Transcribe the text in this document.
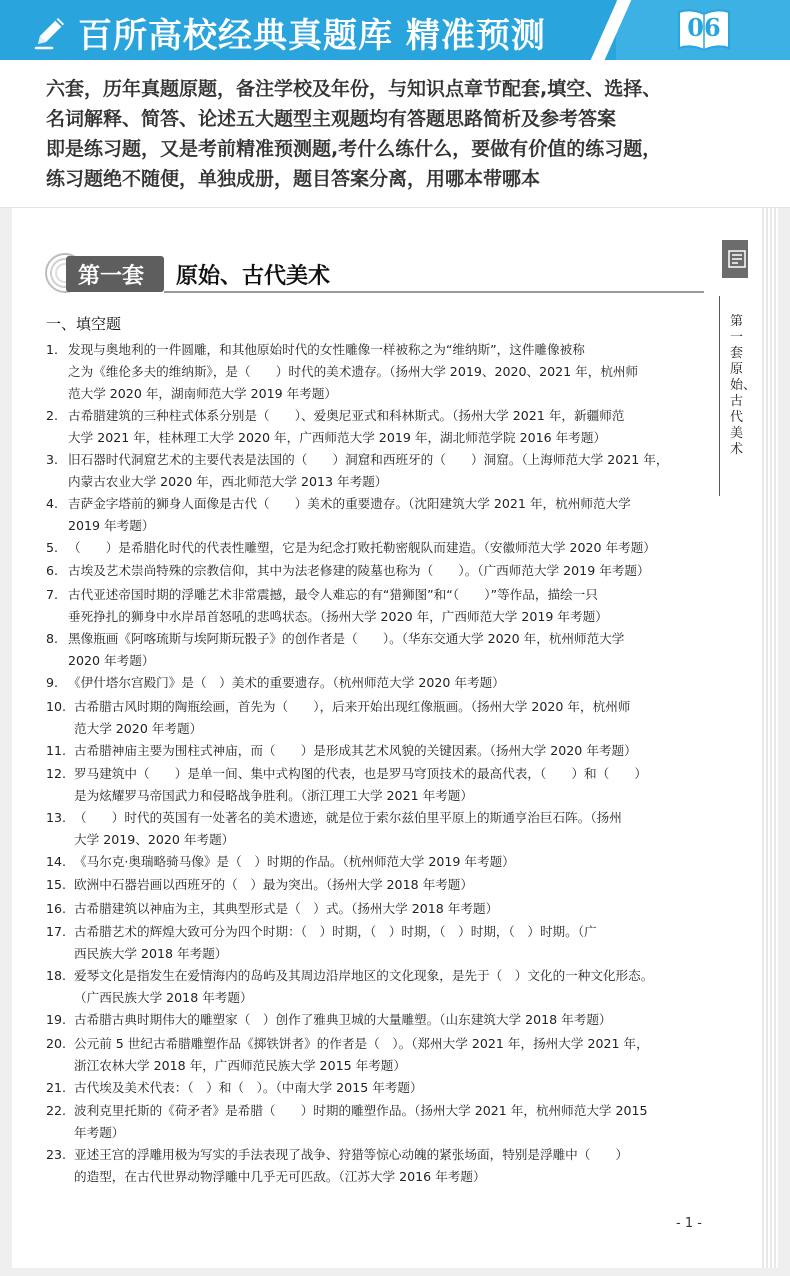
百所高校经典真题库 精准预测	06

六套，历年真题原题，备注学校及年份，与知识点章节配套,填空、选择、

名词解释、简答、论述五大题型主观题均有答题思路简析及参考答案

即是练习题，又是考前精准预测题,考什么练什么，要做有价值的练习题，

练习题绝不随便，单独成册，题目答案分离，用哪本带哪本

第一套 原始、古代美术
第一套 原始、古代美术
一、填空题
1. 发现与奥地利的一件圆雕，和其他原始时代的女性雕像一样被称之为“维纳斯”，这件雕像被称
之为《维伦多夫的维纳斯》，是（　　）时代的美术遗存。（扬州大学 2019、2020、2021 年，杭州师
范大学 2020 年，湖南师范大学 2019 年考题）
2. 古希腊建筑的三种柱式体系分别是（　　）、爱奥尼亚式和科林斯式。（扬州大学 2021 年，新疆师范
大学 2021 年，桂林理工大学 2020 年，广西师范大学 2019 年，湖北师范学院 2016 年考题）
3. 旧石器时代洞窟艺术的主要代表是法国的（　　）洞窟和西班牙的（　　）洞窟。（上海师范大学 2021 年，
内蒙古农业大学 2020 年，西北师范大学 2013 年考题）
4. 吉萨金字塔前的狮身人面像是古代（　　）美术的重要遗存。（沈阳建筑大学 2021 年，杭州师范大学
2019 年考题）
5. （　　）是希腊化时代的代表性雕塑，它是为纪念打败托勒密舰队而建造。（安徽师范大学 2020 年考题）
6. 古埃及艺术崇尚特殊的宗教信仰，其中为法老修建的陵墓也称为（　　）。（广西师范大学 2019 年考题）
7. 古代亚述帝国时期的浮雕艺术非常震撼，最令人难忘的有“猎狮图”和“（　　）”等作品，描绘一只
垂死挣扎的狮身中水岸昂首怒吼的悲鸣状态。（扬州大学 2020 年，广西师范大学 2019 年考题）
8. 黑像瓶画《阿喀琉斯与埃阿斯玩骰子》的创作者是（　　）。（华东交通大学 2020 年，杭州师范大学
2020 年考题）
9. 《伊什塔尔宫殿门》是（　）美术的重要遗存。（杭州师范大学 2020 年考题）
10. 古希腊古风时期的陶瓶绘画，首先为（　　），后来开始出现红像瓶画。（扬州大学 2020 年，杭州师
范大学 2020 年考题）
11. 古希腊神庙主要为围柱式神庙，而（　　）是形成其艺术风貌的关键因素。（扬州大学 2020 年考题）
12. 罗马建筑中（　　）是单一间、集中式构图的代表，也是罗马穹顶技术的最高代表，（　　）和（　　）
是为炫耀罗马帝国武力和侵略战争胜利。（浙江理工大学 2021 年考题）
13. （　　）时代的英国有一处著名的美术遗迹，就是位于索尔兹伯里平原上的斯通亨治巨石阵。（扬州
大学 2019、2020 年考题）
14. 《马尔克·奥瑞略骑马像》是（　）时期的作品。（杭州师范大学 2019 年考题）
15. 欧洲中石器岩画以西班牙的（　）最为突出。（扬州大学 2018 年考题）
16. 古希腊建筑以神庙为主，其典型形式是（　）式。（扬州大学 2018 年考题）
17. 古希腊艺术的辉煌大致可分为四个时期：（　）时期，（　）时期，（　）时期，（　）时期。（广
西民族大学 2018 年考题）
18. 爱琴文化是指发生在爱情海内的岛屿及其周边沿岸地区的文化现象，是先于（　）文化的一种文化形态。
（广西民族大学 2018 年考题）
19. 古希腊古典时期伟大的雕塑家（　）创作了雅典卫城的大量雕塑。（山东建筑大学 2018 年考题）
20. 公元前 5 世纪古希腊雕塑作品《掷铁饼者》的作者是（　）。（郑州大学 2021 年，扬州大学 2021 年，
浙江农林大学 2018 年，广西师范民族大学 2015 年考题）
21. 古代埃及美术代表：（　）和（　）。（中南大学 2015 年考题）
22. 波利克里托斯的《荷矛者》是希腊（　　）时期的雕塑作品。（扬州大学 2021 年，杭州师范大学 2015
年考题）
23. 亚述王宫的浮雕用极为写实的手法表现了战争、狩猎等惊心动魄的紧张场面，特别是浮雕中（　　）
的造型，在古代世界动物浮雕中几乎无可匹敌。（江苏大学 2016 年考题）
- 1 -
